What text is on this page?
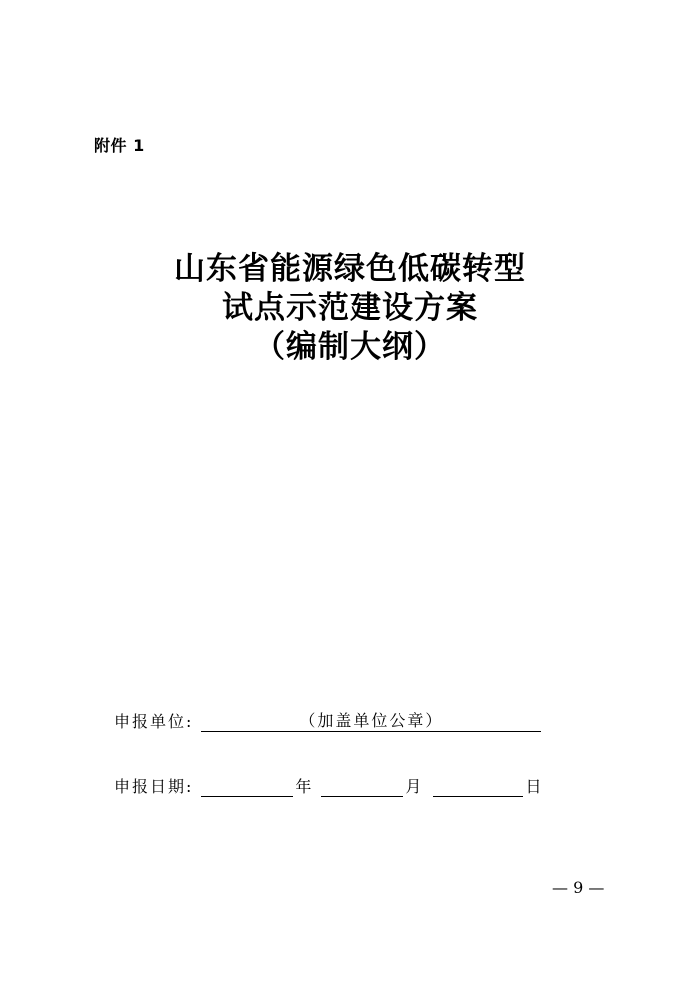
附件 1
山东省能源绿色低碳转型
试点示范建设方案
（编制大纲）
申报单位:	（加盖单位公章）
申报日期:	年	月	日
— 9 —
